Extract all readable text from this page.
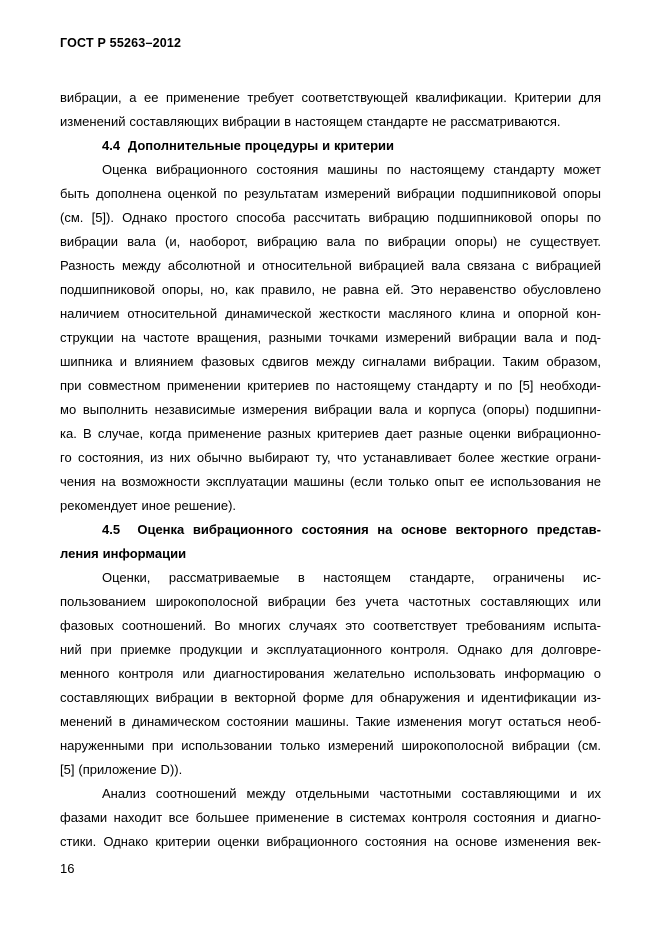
ГОСТ Р 55263–2012
вибрации, а ее применение требует соответствующей квалификации. Критерии для
изменений составляющих вибрации в настоящем стандарте не рассматриваются.
4.4  Дополнительные процедуры и критерии
Оценка вибрационного состояния машины по настоящему стандарту может
быть дополнена оценкой по результатам измерений вибрации подшипниковой опоры
(см. [5]). Однако простого способа рассчитать вибрацию подшипниковой опоры по
вибрации вала (и, наоборот, вибрацию вала по вибрации опоры) не существует.
Разность между абсолютной и относительной вибрацией вала связана с вибрацией
подшипниковой опоры, но, как правило, не равна ей. Это неравенство обусловлено
наличием относительной динамической жесткости масляного клина и опорной кон-
струкции на частоте вращения, разными точками измерений вибрации вала и под-
шипника и влиянием фазовых сдвигов между сигналами вибрации. Таким образом,
при совместном применении критериев по настоящему стандарту и по [5] необходи-
мо выполнить независимые измерения вибрации вала и корпуса (опоры) подшипни-
ка. В случае, когда применение разных критериев дает разные оценки вибрационно-
го состояния, из них обычно выбирают ту, что устанавливает более жесткие ограни-
чения на возможности эксплуатации машины (если только опыт ее использования не
рекомендует иное решение).
4.5  Оценка вибрационного состояния на основе векторного представ-
ления информации
Оценки, рассматриваемые в настоящем стандарте, ограничены ис-
пользованием широкополосной вибрации без учета частотных составляющих или
фазовых соотношений. Во многих случаях это соответствует требованиям испыта-
ний при приемке продукции и эксплуатационного контроля. Однако для долговре-
менного контроля или диагностирования желательно использовать информацию о
составляющих вибрации в векторной форме для обнаружения и идентификации из-
менений в динамическом состоянии машины. Такие изменения могут остаться необ-
наруженными при использовании только измерений широкополосной вибрации (см.
[5] (приложение D)).
Анализ соотношений между отдельными частотными составляющими и их
фазами находит все большее применение в системах контроля состояния и диагно-
стики. Однако критерии оценки вибрационного состояния на основе изменения век-
16
